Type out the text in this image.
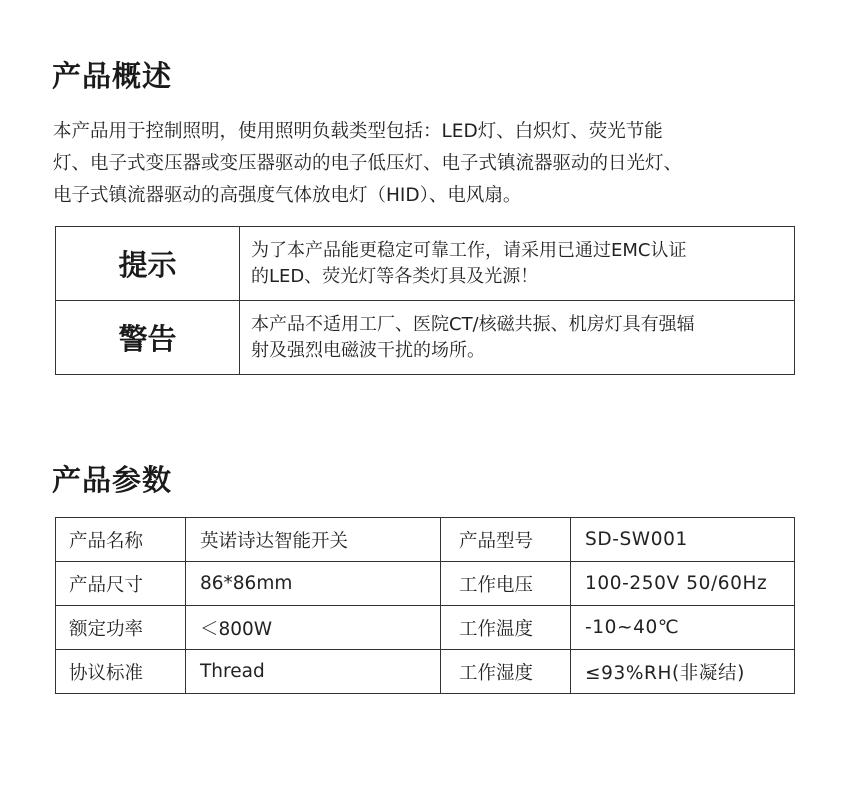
产品概述
本产品用于控制照明，使用照明负载类型包括：LED灯、白炽灯、荧光节能
灯、电子式变压器或变压器驱动的电子低压灯、电子式镇流器驱动的日光灯、
电子式镇流器驱动的高强度气体放电灯（HID）、电风扇。
提示	为了本产品能更稳定可靠工作，请采用已通过EMC认证
的LED、荧光灯等各类灯具及光源！

警告	本产品不适用工厂、医院CT/核磁共振、机房灯具有强辐
射及强烈电磁波干扰的场所。
产品参数
产品名称	英诺诗达智能开关	产品型号	SD-SW001
产品尺寸	86*86mm	工作电压	100-250V 50/60Hz
额定功率	＜800W	工作温度	-10~40℃
协议标准	Thread	工作湿度	≤93%RH(非凝结)
